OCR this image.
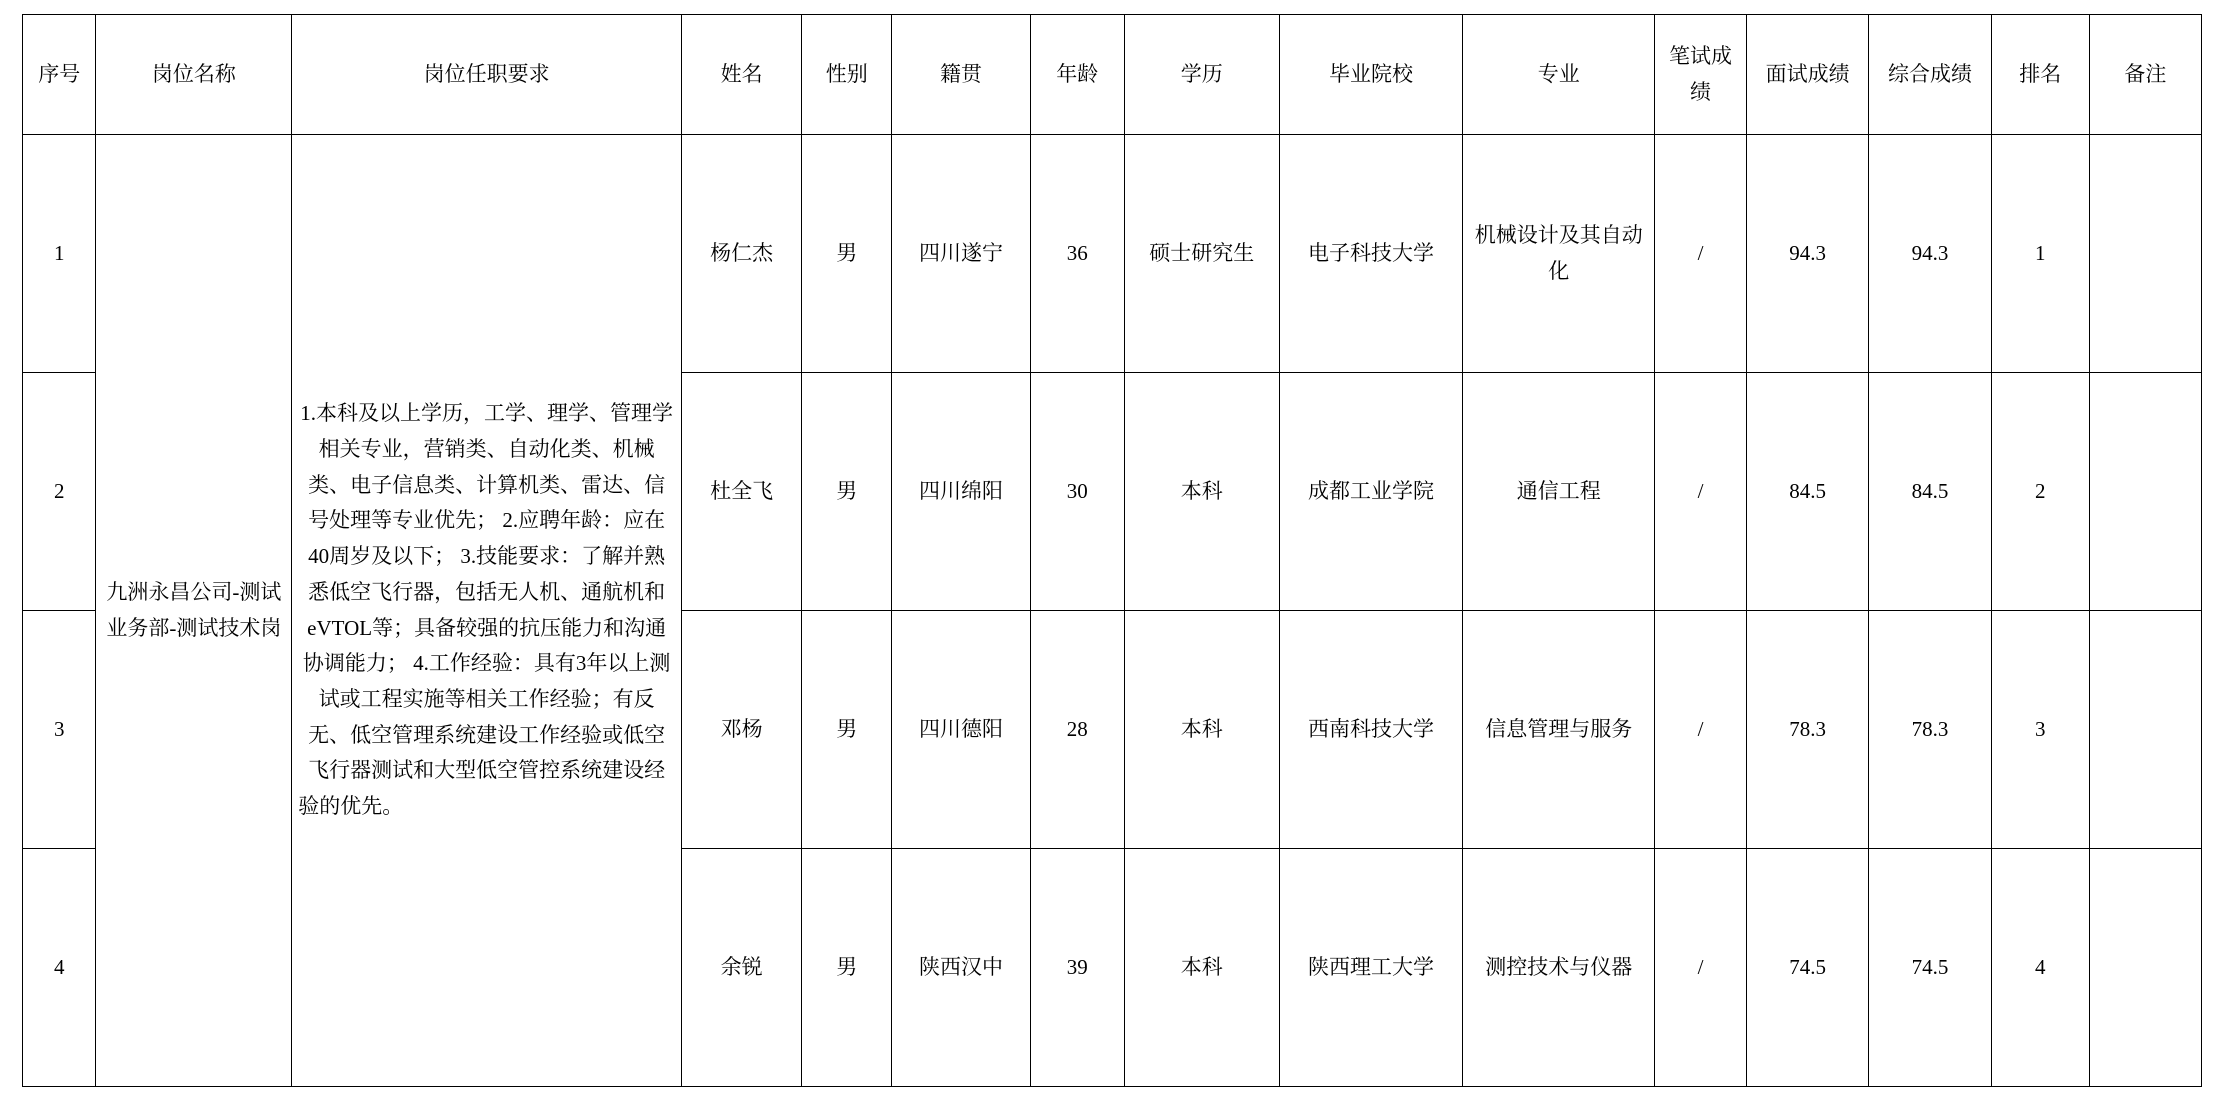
序号	岗位名称	岗位任职要求	姓名	性别	籍贯	年龄	学历	毕业院校	专业	笔试成绩	面试成绩	综合成绩	排名	备注
1	九洲永昌公司-测试业务部-测试技术岗	1.本科及以上学历，工学、理学、管理学相关专业，营销类、自动化类、机械类、电子信息类、计算机类、雷达、信号处理等专业优先； 2.应聘年龄：应在40周岁及以下； 3.技能要求：了解并熟悉低空飞行器，包括无人机、通航机和eVTOL等；具备较强的抗压能力和沟通协调能力； 4.工作经验：具有3年以上测试或工程实施等相关工作经验；有反无、低空管理系统建设工作经验或低空飞行器测试和大型低空管控系统建设经验的优先。	杨仁杰	男	四川遂宁	36	硕士研究生	电子科技大学	机械设计及其自动化	/	94.3	94.3	1	
2			杜全飞	男	四川绵阳	30	本科	成都工业学院	通信工程	/	84.5	84.5	2	
3			邓杨	男	四川德阳	28	本科	西南科技大学	信息管理与服务	/	78.3	78.3	3	
4			余锐	男	陕西汉中	39	本科	陕西理工大学	测控技术与仪器	/	74.5	74.5	4	
